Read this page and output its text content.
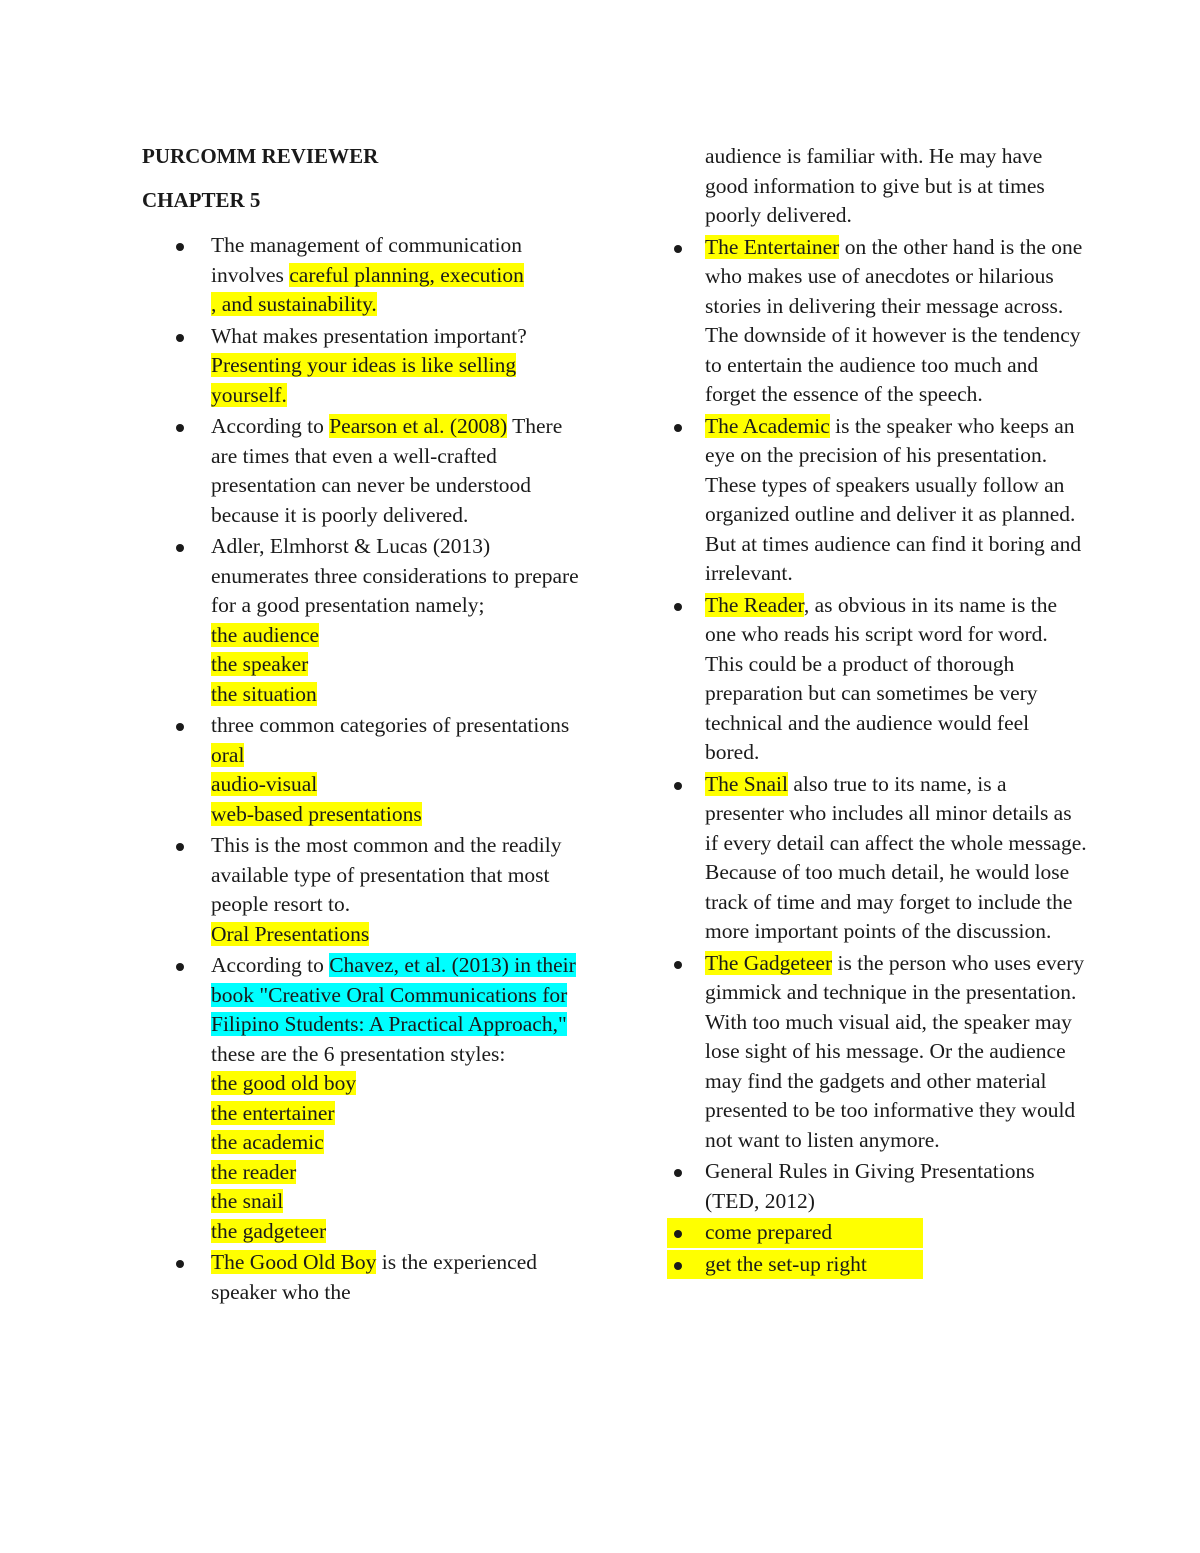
PURCOMM REVIEWER
CHAPTER 5
The management of communication involves careful planning, execution
, and sustainability.
What makes presentation important? Presenting your ideas is like selling yourself.
According to Pearson et al. (2008) There are times that even a well-crafted presentation can never be understood because it is poorly delivered.
Adler, Elmhorst & Lucas (2013) enumerates three considerations to prepare for a good presentation namely;
the audience
the speaker
the situation
three common categories of presentations
oral
audio-visual
web-based presentations
This is the most common and the readily available type of presentation that most people resort to.
Oral Presentations
According to Chavez, et al. (2013) in their book "Creative Oral Communications for Filipino Students: A Practical Approach," these are the 6 presentation styles:
the good old boy
the entertainer
the academic
the reader
the snail
the gadgeteer
The Good Old Boy is the experienced speaker who the
audience is familiar with. He may have good information to give but is at times poorly delivered.
The Entertainer on the other hand is the one who makes use of anecdotes or hilarious stories in delivering their message across. The downside of it however is the tendency to entertain the audience too much and forget the essence of the speech.
The Academic is the speaker who keeps an eye on the precision of his presentation. These types of speakers usually follow an organized outline and deliver it as planned. But at times audience can find it boring and irrelevant.
The Reader, as obvious in its name is the one who reads his script word for word. This could be a product of thorough preparation but can sometimes be very technical and the audience would feel bored.
The Snail also true to its name, is a presenter who includes all minor details as if every detail can affect the whole message. Because of too much detail, he would lose track of time and may forget to include the more important points of the discussion.
The Gadgeteer is the person who uses every gimmick and technique in the presentation. With too much visual aid, the speaker may lose sight of his message. Or the audience may find the gadgets and other material presented to be too informative they would not want to listen anymore.
General Rules in Giving Presentations (TED, 2012)
come prepared
get the set-up right
